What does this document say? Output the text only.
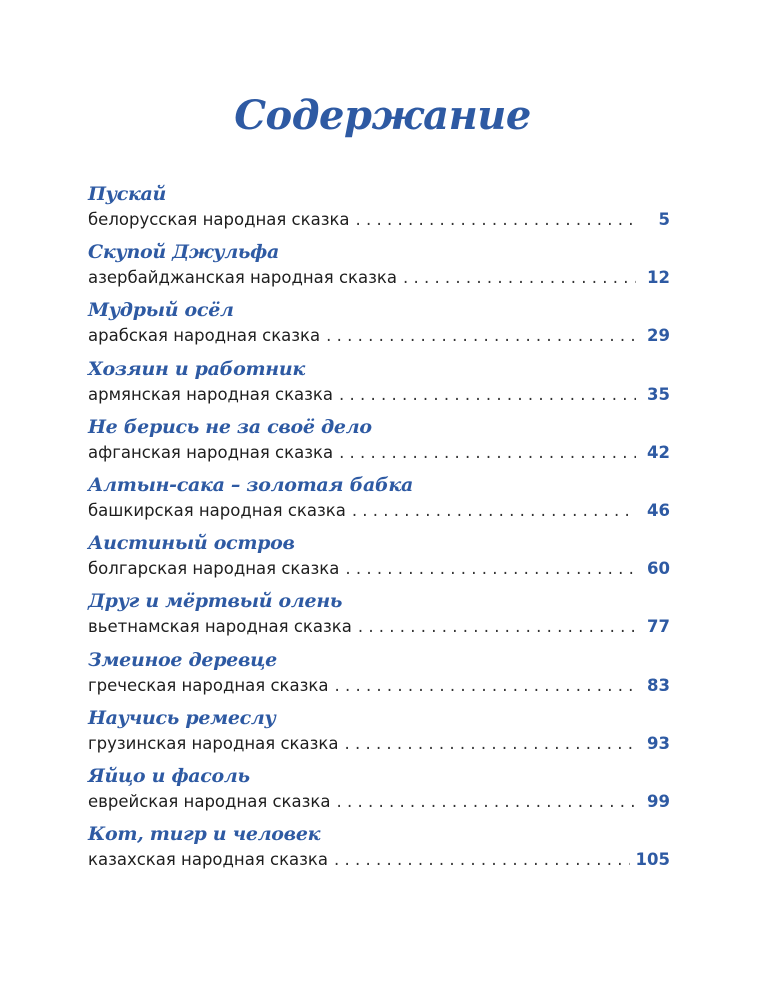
Содержание
Пускай
белорусская народная сказка . . .	5
Скупой Джульфа
азербайджанская народная сказка . . .	12
Мудрый осёл
арабская народная сказка . . .	29
Хозяин и работник
армянская народная сказка . . .	35
Не берись не за своё дело
афганская народная сказка . . .	42
Алтын-сака – золотая бабка
башкирская народная сказка . . .	46
Аистиный остров
болгарская народная сказка . . .	60
Друг и мёртвый олень
вьетнамская народная сказка . . .	77
Змеиное деревце
греческая народная сказка . . .	83
Научись ремеслу
грузинская народная сказка . . .	93
Яйцо и фасоль
еврейская народная сказка . . .	99
Кот, тигр и человек
казахская народная сказка . . .	105
